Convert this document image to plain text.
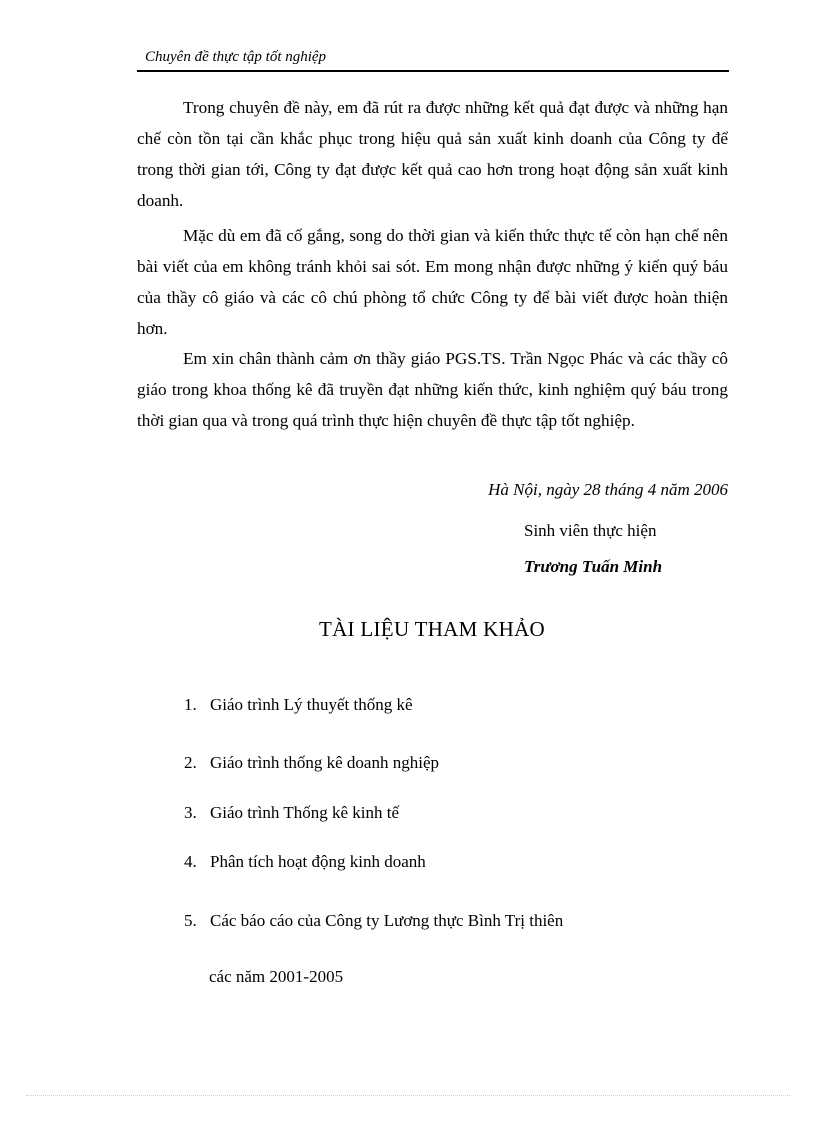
Chuyên đề thực tập tốt nghiệp

Trong chuyên đề này, em đã rút ra được những kết quả đạt được và những hạn chế còn tồn tại cần khắc phục trong hiệu quả sản xuất kinh doanh của Công ty để trong thời gian tới, Công ty đạt được kết quả cao hơn trong hoạt động sản xuất kinh doanh.

Mặc dù em đã cố gắng, song do thời gian và kiến thức thực tế còn hạn chế nên bài viết của em không tránh khỏi sai sót. Em mong nhận được những ý kiến quý báu của thầy cô giáo và các cô chú phòng tổ chức Công ty để bài viết được hoàn thiện hơn.

Em xin chân thành cảm ơn thầy giáo PGS.TS. Trần Ngọc Phác và các thầy cô giáo trong khoa thống kê đã truyền đạt những kiến thức, kinh nghiệm quý báu trong thời gian qua và trong quá trình thực hiện chuyên đề thực tập tốt nghiệp.

Hà Nội, ngày 28 tháng 4 năm 2006
Sinh viên thực hiện
Trương Tuấn Minh
TÀI LIỆU THAM KHẢO
1. Giáo trình Lý thuyết thống kê
2. Giáo trình thống kê doanh nghiệp
3. Giáo trình Thống kê kinh tế
4. Phân tích hoạt động kinh doanh
5. Các báo cáo của Công ty Lương thực Bình Trị thiên
các năm 2001-2005
